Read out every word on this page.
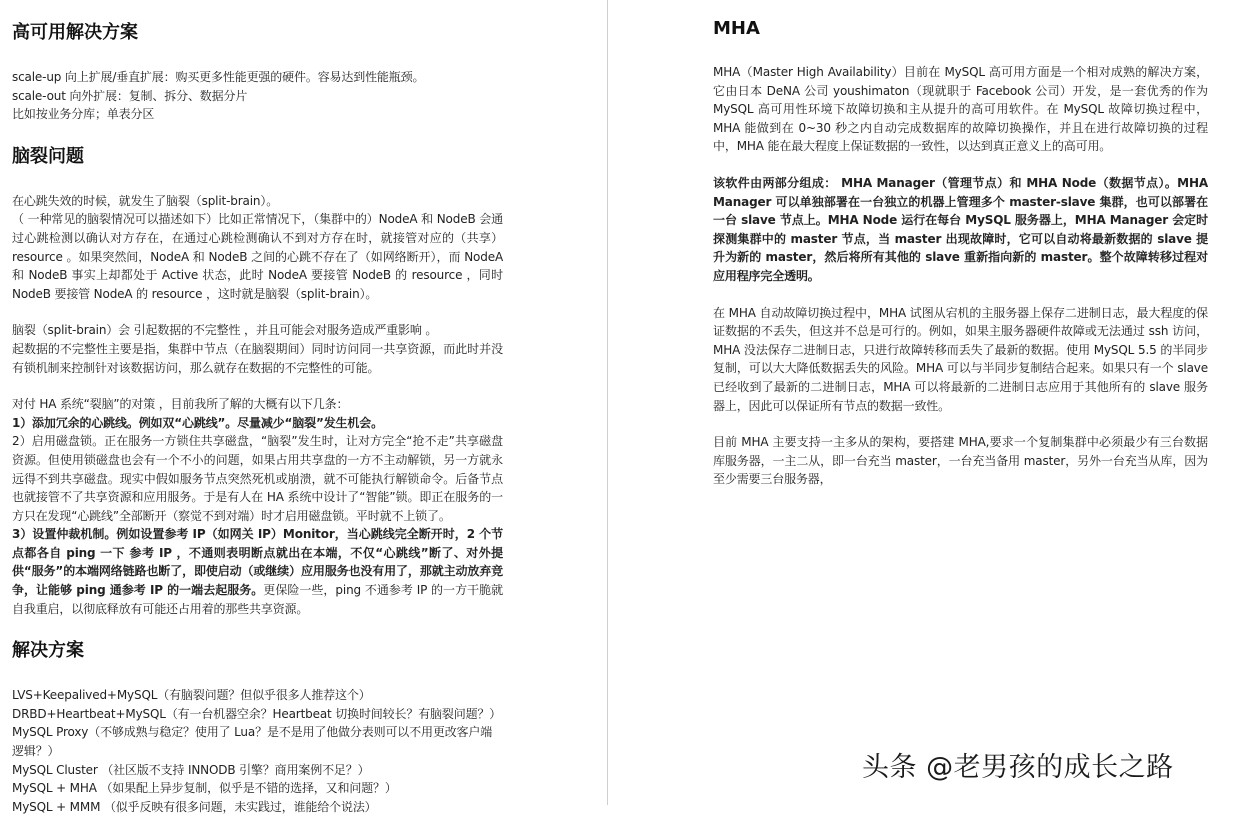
高可用解决方案

scale-up 向上扩展/垂直扩展：购买更多性能更强的硬件。容易达到性能瓶颈。

scale-out 向外扩展：复制、拆分、数据分片

比如按业务分库；单表分区

脑裂问题

在心跳失效的时候，就发生了脑裂（split-brain）。

（ 一种常见的脑裂情况可以描述如下）比如正常情况下，（集群中的）NodeA 和 NodeB 会通过心跳检测以确认对方存在，在通过心跳检测确认不到对方存在时，就接管对应的（共享）resource 。如果突然间，NodeA 和 NodeB 之间的心跳不存在了（如网络断开），而 NodeA 和 NodeB 事实上却都处于 Active 状态，此时 NodeA 要接管 NodeB 的 resource ，同时 NodeB 要接管 NodeA 的 resource ，这时就是脑裂（split-brain）。

脑裂（split-brain）会 引起数据的不完整性 ，并且可能会对服务造成严重影响 。

起数据的不完整性主要是指，集群中节点（在脑裂期间）同时访问同一共享资源，而此时并没有锁机制来控制针对该数据访问，那么就存在数据的不完整性的可能。

对付 HA 系统“裂脑”的对策 ，目前我所了解的大概有以下几条：

1）添加冗余的心跳线。例如双“心跳线”。尽量减少“脑裂”发生机会。

2）启用磁盘锁。正在服务一方锁住共享磁盘，“脑裂”发生时，让对方完全“抢不走”共享磁盘资源。但使用锁磁盘也会有一个不小的问题，如果占用共享盘的一方不主动解锁，另一方就永远得不到共享磁盘。现实中假如服务节点突然死机或崩溃，就不可能执行解锁命令。后备节点也就接管不了共享资源和应用服务。于是有人在 HA 系统中设计了“智能”锁。即正在服务的一方只在发现“心跳线”全部断开（察觉不到对端）时才启用磁盘锁。平时就不上锁了。

3）设置仲裁机制。例如设置参考 IP（如网关 IP）Monitor，当心跳线完全断开时，2 个节点都各自 ping 一下 参考 IP ，不通则表明断点就出在本端，不仅“心跳线”断了、对外提供“服务”的本端网络链路也断了，即使启动（或继续）应用服务也没有用了，那就主动放弃竞争，让能够 ping 通参考 IP 的一端去起服务。更保险一些，ping 不通参考 IP 的一方干脆就自我重启，以彻底释放有可能还占用着的那些共享资源。

解决方案

LVS+Keepalived+MySQL（有脑裂问题？但似乎很多人推荐这个）

DRBD+Heartbeat+MySQL（有一台机器空余？Heartbeat 切换时间较长？有脑裂问题？）

MySQL Proxy（不够成熟与稳定？使用了 Lua？是不是用了他做分表则可以不用更改客户端逻辑？）

MySQL Cluster （社区版不支持 INNODB 引擎？商用案例不足？）

MySQL + MHA （如果配上异步复制，似乎是不错的选择，又和问题？）

MySQL + MMM （似乎反映有很多问题，未实践过，谁能给个说法）

MHA

MHA（Master High Availability）目前在 MySQL 高可用方面是一个相对成熟的解决方案，它由日本 DeNA 公司 youshimaton（现就职于 Facebook 公司）开发，是一套优秀的作为 MySQL 高可用性环境下故障切换和主从提升的高可用软件。在 MySQL 故障切换过程中，MHA 能做到在 0~30 秒之内自动完成数据库的故障切换操作，并且在进行故障切换的过程中，MHA 能在最大程度上保证数据的一致性，以达到真正意义上的高可用。

该软件由两部分组成： MHA Manager（管理节点）和 MHA Node（数据节点）。MHA Manager 可以单独部署在一台独立的机器上管理多个 master-slave 集群，也可以部署在一台 slave 节点上。MHA Node 运行在每台 MySQL 服务器上，MHA Manager 会定时探测集群中的 master 节点，当 master 出现故障时，它可以自动将最新数据的 slave 提升为新的 master，然后将所有其他的 slave 重新指向新的 master。整个故障转移过程对应用程序完全透明。

在 MHA 自动故障切换过程中，MHA 试图从宕机的主服务器上保存二进制日志，最大程度的保证数据的不丢失，但这并不总是可行的。例如，如果主服务器硬件故障或无法通过 ssh 访问，MHA 没法保存二进制日志，只进行故障转移而丢失了最新的数据。使用 MySQL 5.5 的半同步复制，可以大大降低数据丢失的风险。MHA 可以与半同步复制结合起来。如果只有一个 slave 已经收到了最新的二进制日志，MHA 可以将最新的二进制日志应用于其他所有的 slave 服务器上，因此可以保证所有节点的数据一致性。

目前 MHA 主要支持一主多从的架构，要搭建 MHA,要求一个复制集群中必须最少有三台数据库服务器，一主二从，即一台充当 master，一台充当备用 master，另外一台充当从库，因为至少需要三台服务器，

头条 @老男孩的成长之路
